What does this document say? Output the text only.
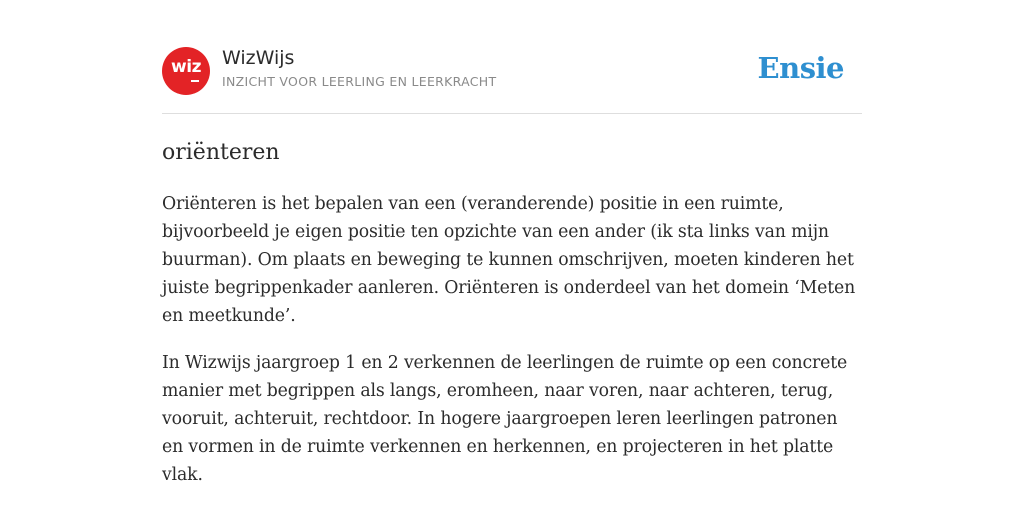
wiz	WizWijs
INZICHT VOOR LEERLING EN LEERKRACHT	Ensie
oriënteren

Oriënteren is het bepalen van een (veranderende) positie in een ruimte, bijvoorbeeld je eigen positie ten opzichte van een ander (ik sta links van mijn buurman). Om plaats en beweging te kunnen omschrijven, moeten kinderen het juiste begrippenkader aanleren. Oriënteren is onderdeel van het domein ‘Meten en meetkunde’.

In Wizwijs jaargroep 1 en 2 verkennen de leerlingen de ruimte op een concrete manier met begrippen als langs, eromheen, naar voren, naar achteren, terug, vooruit, achteruit, rechtdoor. In hogere jaargroepen leren leerlingen patronen en vormen in de ruimte verkennen en herkennen, en projecteren in het platte vlak.
